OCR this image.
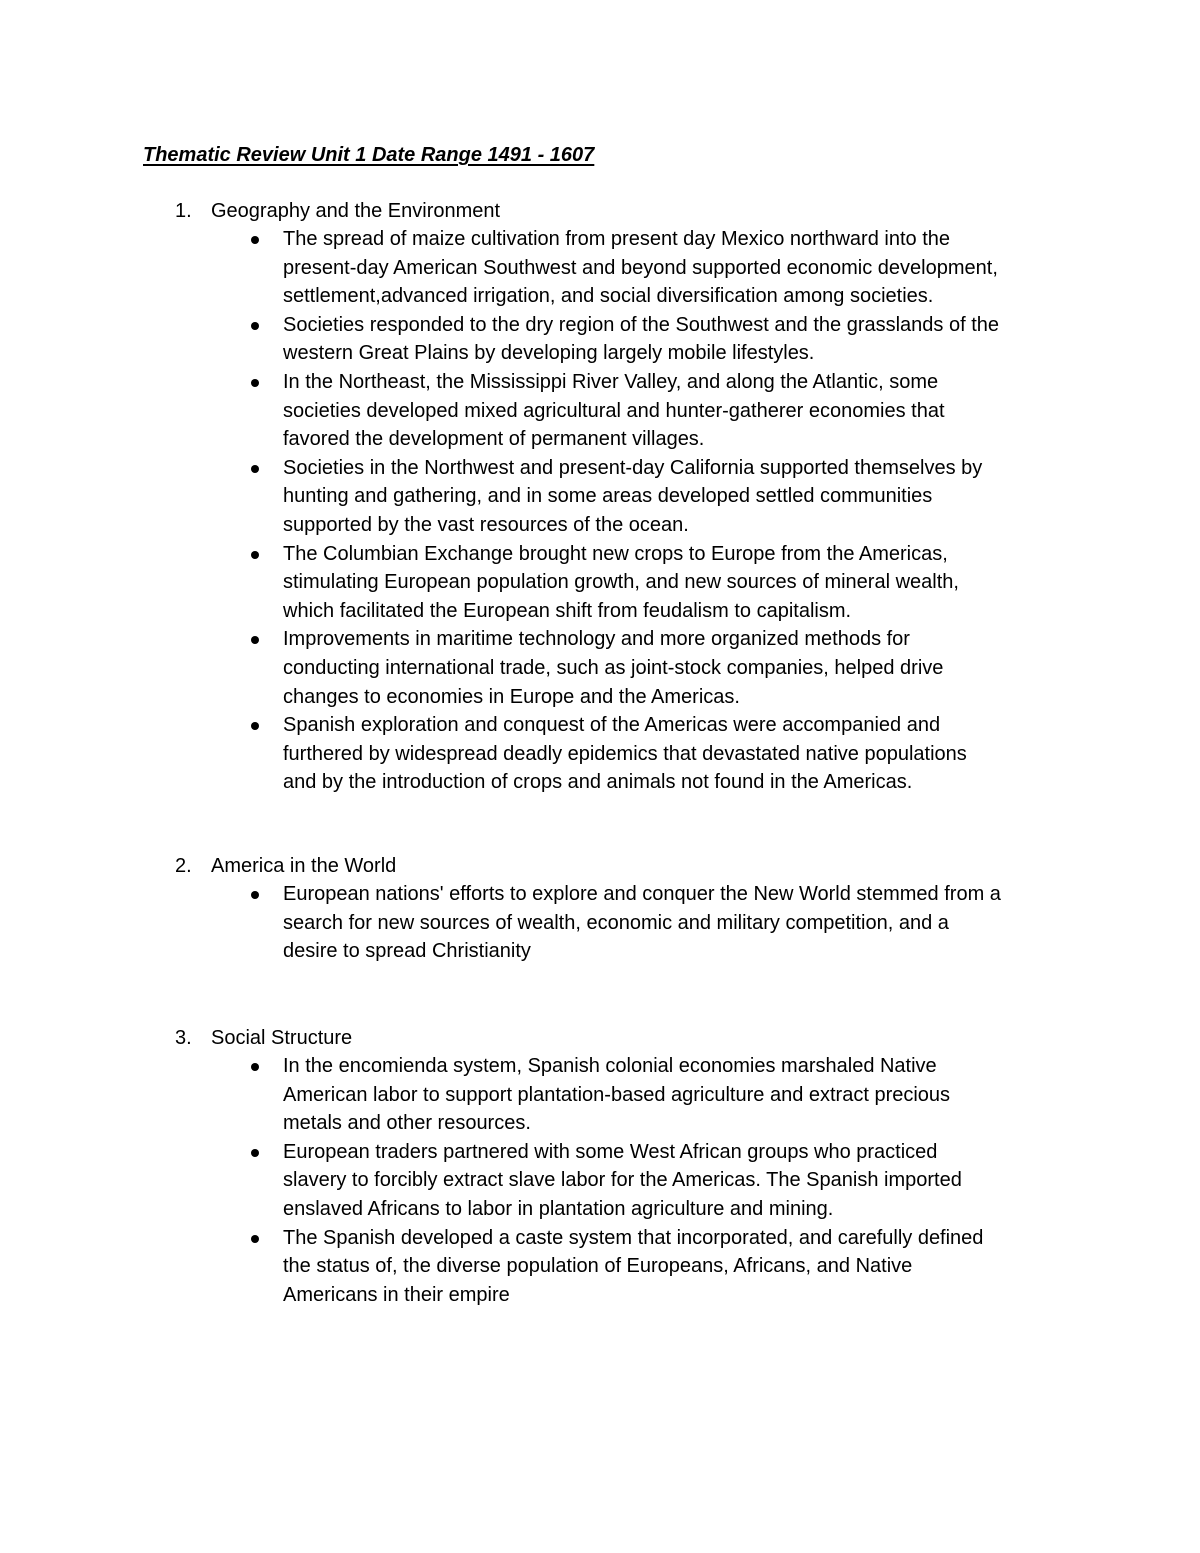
Thematic Review Unit 1 Date Range 1491 - 1607
1. Geography and the Environment
The spread of maize cultivation from present day Mexico northward into the
present-day American Southwest and beyond supported economic development,
settlement,advanced irrigation, and social diversification among societies.
Societies responded to the dry region of the Southwest and the grasslands of the
western Great Plains by developing largely mobile lifestyles.
In the Northeast, the Mississippi River Valley, and along the Atlantic, some
societies developed mixed agricultural and hunter-gatherer economies that
favored the development of permanent villages.
Societies in the Northwest and present-day California supported themselves by
hunting and gathering, and in some areas developed settled communities
supported by the vast resources of the ocean.
The Columbian Exchange brought new crops to Europe from the Americas,
stimulating European population growth, and new sources of mineral wealth,
which facilitated the European shift from feudalism to capitalism.
Improvements in maritime technology and more organized methods for
conducting international trade, such as joint-stock companies, helped drive
changes to economies in Europe and the Americas.
Spanish exploration and conquest of the Americas were accompanied and
furthered by widespread deadly epidemics that devastated native populations
and by the introduction of crops and animals not found in the Americas.
2. America in the World
European nations' efforts to explore and conquer the New World stemmed from a
search for new sources of wealth, economic and military competition, and a
desire to spread Christianity
3. Social Structure
In the encomienda system, Spanish colonial economies marshaled Native
American labor to support plantation-based agriculture and extract precious
metals and other resources.
European traders partnered with some West African groups who practiced
slavery to forcibly extract slave labor for the Americas. The Spanish imported
enslaved Africans to labor in plantation agriculture and mining.
The Spanish developed a caste system that incorporated, and carefully defined
the status of, the diverse population of Europeans, Africans, and Native
Americans in their empire
